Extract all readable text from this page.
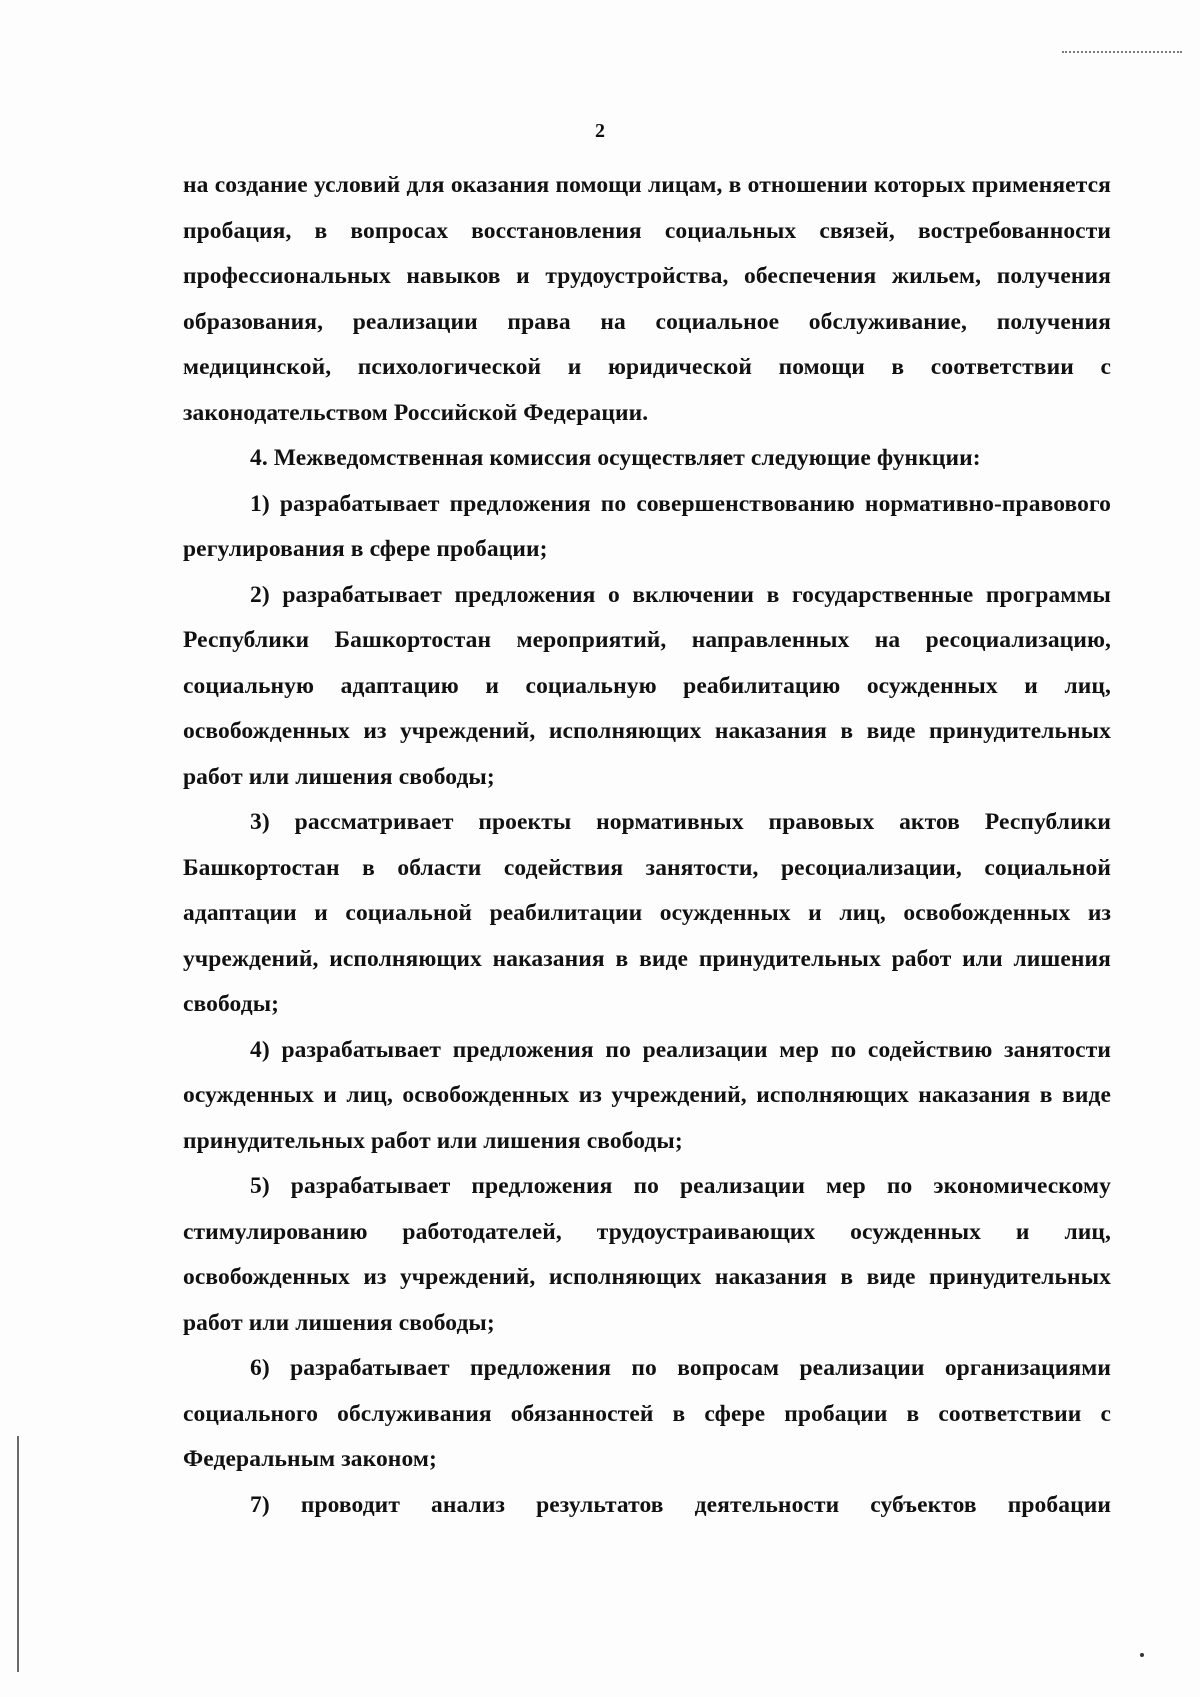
2

на создание условий для оказания помощи лицам, в отношении которых применяется пробация, в вопросах восстановления социальных связей, востребованности профессиональных навыков и трудоустройства, обеспечения жильем, получения образования, реализации права на социальное обслуживание, получения медицинской, психологической и юридической помощи в соответствии с законодательством Российской Федерации.

4. Межведомственная комиссия осуществляет следующие функции:

1) разрабатывает предложения по совершенствованию нормативно-правового регулирования в сфере пробации;

2) разрабатывает предложения о включении в государственные программы Республики Башкортостан мероприятий, направленных на ресоциализацию, социальную адаптацию и социальную реабилитацию осужденных и лиц, освобожденных из учреждений, исполняющих наказания в виде принудительных работ или лишения свободы;

3) рассматривает проекты нормативных правовых актов Республики Башкортостан в области содействия занятости, ресоциализации, социальной адаптации и социальной реабилитации осужденных и лиц, освобожденных из учреждений, исполняющих наказания в виде принудительных работ или лишения свободы;

4) разрабатывает предложения по реализации мер по содействию занятости осужденных и лиц, освобожденных из учреждений, исполняющих наказания в виде принудительных работ или лишения свободы;

5) разрабатывает предложения по реализации мер по экономическому стимулированию работодателей, трудоустраивающих осужденных и лиц, освобожденных из учреждений, исполняющих наказания в виде принудительных работ или лишения свободы;

6) разрабатывает предложения по вопросам реализации организациями социального обслуживания обязанностей в сфере пробации в соответствии с Федеральным законом;

7) проводит анализ результатов деятельности субъектов пробации
